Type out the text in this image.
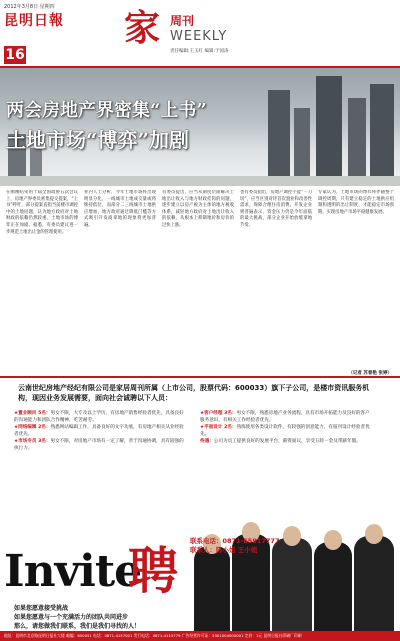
2012年3月8日 星期四
昆明日報 家 周刊
WEEKLY
责任编辑:王玉红 编辑:于国涛
16
两会房地产界密集“上书”
土地市场“博弈”加剧
在刚刚结束的十届全国政协五次会议上，房地产界委员密集提交提案，“上书”呼吁。部分提案直指当前楼市调控中的土地问题，认为地方政府对土地财政的依赖仍然较重，土地市场的博弈正在加剧。据悉，有委员建议进一步规范土地出让金的管理使用。
业内人士分析，今年土地市场将出现明显分化，一线城市土地成交量或将维持低位，而部分二三线城市土地供应增加，地方政府通过降低门槛等方式吸引开发商拿地的现象将更加普遍。
有委员提出，应当从制度层面解决土地出让收入与地方财政挂钩的问题，逐步建立以房产税为主体的地方税收体系，减轻地方政府对土地出让收入的依赖，从根本上抑制地价和房价的过快上涨。
也有委员指出，房地产调控不能“一刀切”，应当区别对待首次置业和改善性需求，保障合理住房消费。开发企业则普遍表示，资金压力仍是今年面临的最大挑战，部分企业开始放缓拿地节奏。
专家认为，土地市场的博弈将伴随整个调控周期，只有建立稳定的土地供应机制和透明的出让制度，才能稳定市场预期，实现房地产市场平稳健康发展。
（记者 苏春艳 张婷）
云南世纪房地产经纪有限公司是家居周刊所属（上市公司，股票代码：600033）旗下子公司，是楼市资讯服务机构，现因业务发展需要，面向社会诚聘以下人员：
★置业顾问 5名：男女不限，大专及以上学历，有房地产销售经验者优先，具备良好的沟通能力和团队合作精神，吃苦耐劳。
★网络编辑 2名：熟悉网站编辑工作，具备良好的文字功底，有房地产相关从业经验者优先。
★市场专员 3名：男女不限，对房地产市场有一定了解，善于沟通协调，具有较强的执行力。
★客户经理 3名：男女不限，熟悉房地产业务流程，具有市场开拓能力及良好的客户服务意识，有相关工作经验者优先。
★平面设计 2名：熟练使用各类设计软件，有较强的创意能力，有报刊设计经验者优先。
待遇：公司为员工提供良好的发展平台，薪资面议，享受五险一金及带薪年假。
联系电话：0871-65917777
联系人：陈小姐 王小姐
Invite
聘
如果您愿意接受挑战
如果您愿意与一个充满活力的团队共同进步
那么，请您做我们联系，我们是我们寻找的人！
地址：昆明市北京路昆明日报社大楼 邮编：650051 电话：0871-4157001 发行电话：0871-4115779 广告经营许可证：5301004000001 定价：1元 昆明日报社印刷厂印刷
